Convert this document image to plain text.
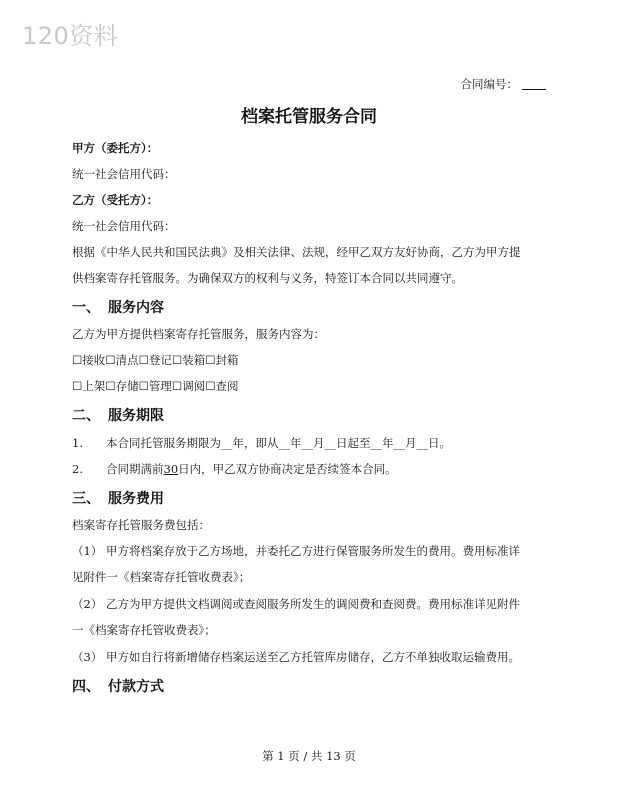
120资料
合同编号：
档案托管服务合同
甲方（委托方）：
统一社会信用代码：
乙方（受托方）：
统一社会信用代码：
根据《中华人民共和国民法典》及相关法律、法规，经甲乙双方友好协商，乙方为甲方提
供档案寄存托管服务。为确保双方的权利与义务，特签订本合同以共同遵守。
一、 服务内容
乙方为甲方提供档案寄存托管服务，服务内容为：
☐接收☐清点☐登记☐装箱☐封箱
☐上架☐存储☐管理☐调阅☐查阅
二、 服务期限
1. 本合同托管服务期限为__年，即从__年__月__日起至__年__月__日。
2. 合同期满前30日内，甲乙双方协商决定是否续签本合同。
三、 服务费用
档案寄存托管服务费包括：
（1） 甲方将档案存放于乙方场地，并委托乙方进行保管服务所发生的费用。费用标准详
见附件一《档案寄存托管收费表》；
（2） 乙方为甲方提供文档调阅或查阅服务所发生的调阅费和查阅费。费用标准详见附件
一《档案寄存托管收费表》；
（3） 甲方如自行将新增储存档案运送至乙方托管库房储存，乙方不单独收取运输费用。
四、 付款方式
第 1 页 / 共 13 页
